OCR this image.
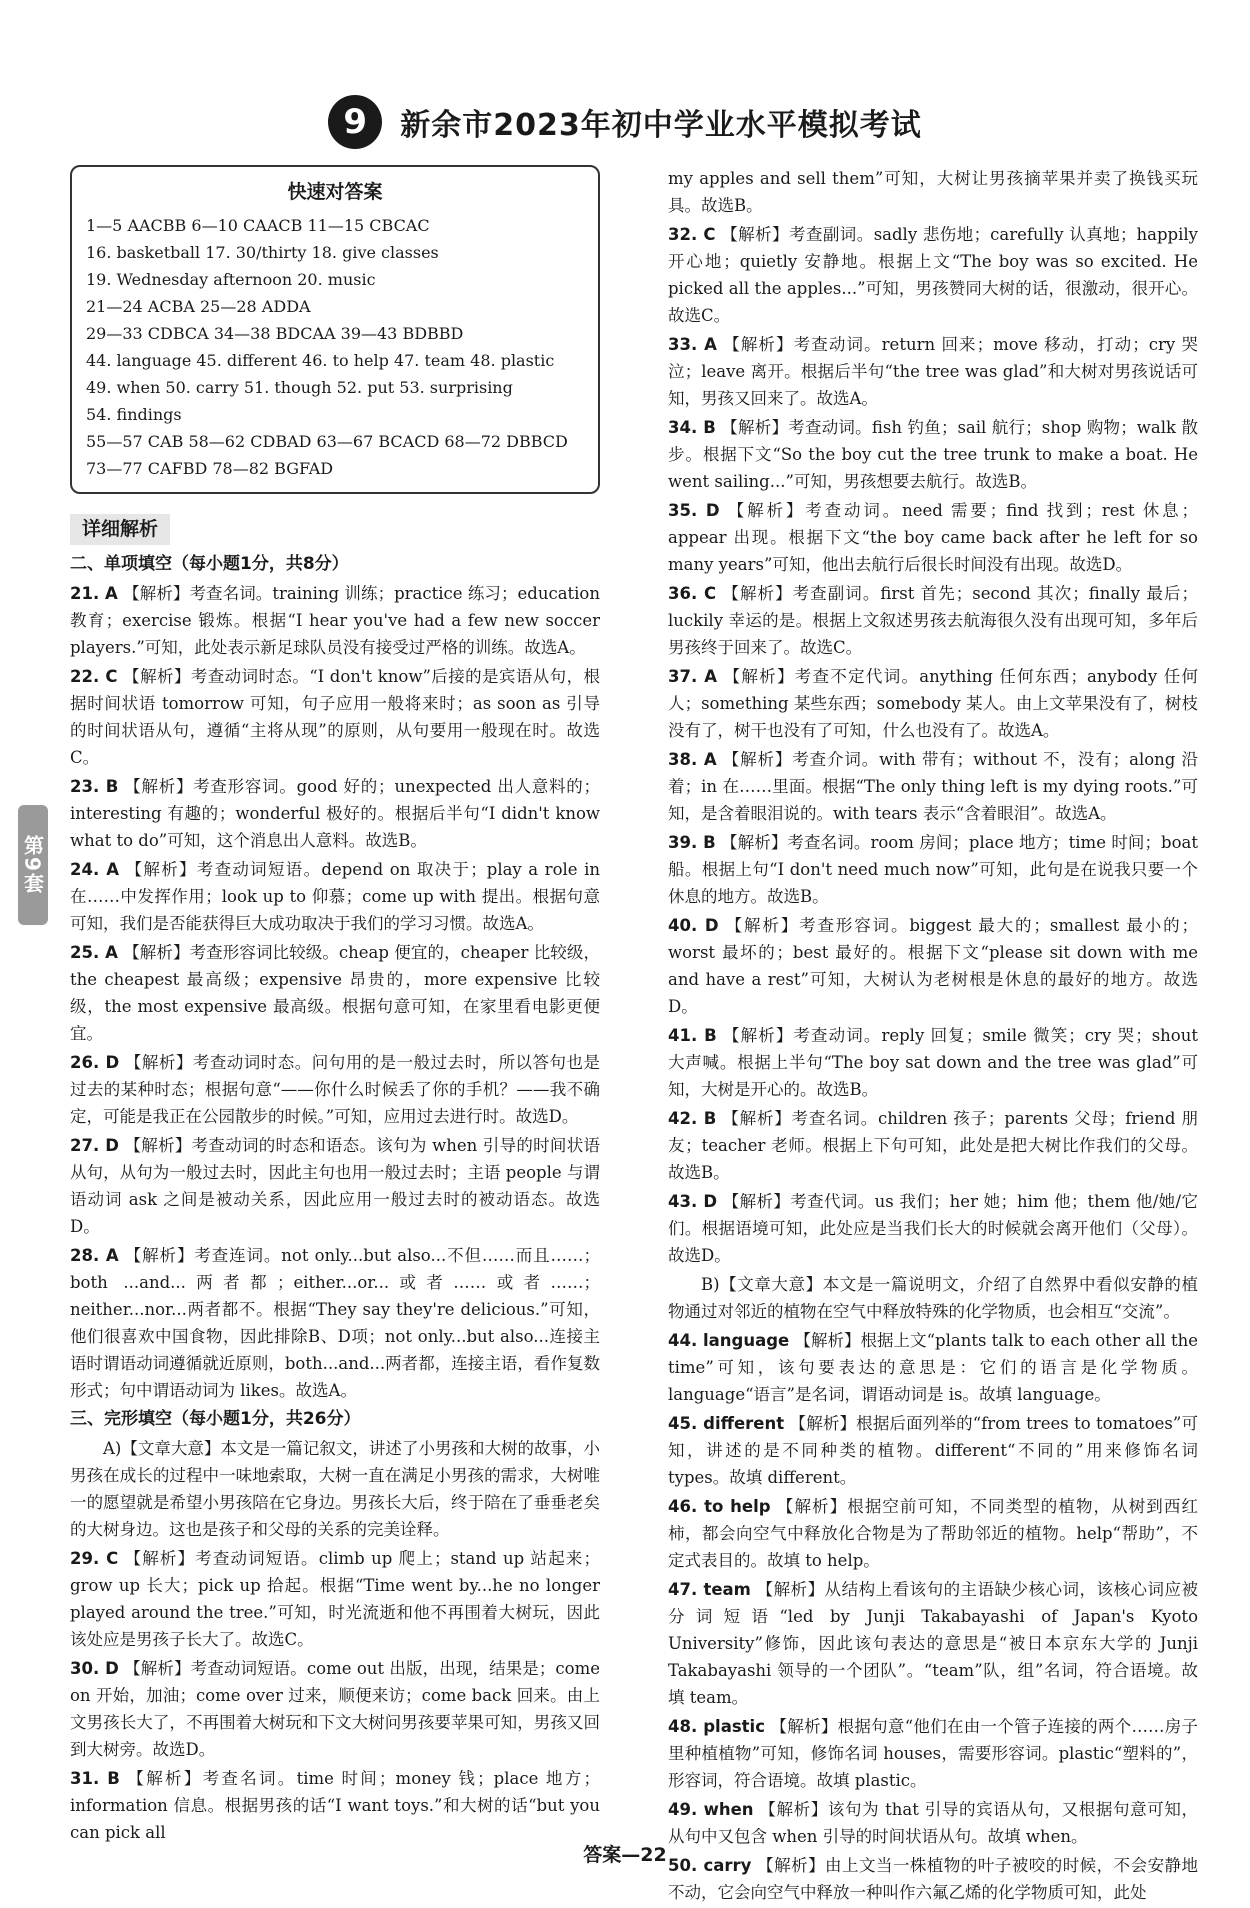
9	新余市2023年初中学业水平模拟考试
第9套
快速对答案
1—5 AACBB 6—10 CAACB 11—15 CBCAC
16. basketball 17. 30/thirty 18. give classes
19. Wednesday afternoon 20. music
21—24 ACBA 25—28 ADDA
29—33 CDBCA 34—38 BDCAA 39—43 BDBBD
44. language 45. different 46. to help 47. team 48. plastic
49. when 50. carry 51. though 52. put 53. surprising
54. findings
55—57 CAB 58—62 CDBAD 63—67 BCACD 68—72 DBBCD
73—77 CAFBD 78—82 BGFAD
详细解析
二、单项填空（每小题1分，共8分）

21. A 【解析】考查名词。training 训练；practice 练习；education 教育；exercise 锻炼。根据“I hear you've had a few new soccer players.”可知，此处表示新足球队员没有接受过严格的训练。故选A。

22. C 【解析】考查动词时态。“I don't know”后接的是宾语从句，根据时间状语 tomorrow 可知，句子应用一般将来时；as soon as 引导的时间状语从句，遵循“主将从现”的原则，从句要用一般现在时。故选C。

23. B 【解析】考查形容词。good 好的；unexpected 出人意料的；interesting 有趣的；wonderful 极好的。根据后半句“I didn't know what to do”可知，这个消息出人意料。故选B。

24. A 【解析】考查动词短语。depend on 取决于；play a role in 在……中发挥作用；look up to 仰慕；come up with 提出。根据句意可知，我们是否能获得巨大成功取决于我们的学习习惯。故选A。

25. A 【解析】考查形容词比较级。cheap 便宜的，cheaper 比较级，the cheapest 最高级；expensive 昂贵的，more expensive 比较级，the most expensive 最高级。根据句意可知，在家里看电影更便宜。

26. D 【解析】考查动词时态。问句用的是一般过去时，所以答句也是过去的某种时态；根据句意“——你什么时候丢了你的手机？——我不确定，可能是我正在公园散步的时候。”可知，应用过去进行时。故选D。

27. D 【解析】考查动词的时态和语态。该句为 when 引导的时间状语从句，从句为一般过去时，因此主句也用一般过去时；主语 people 与谓语动词 ask 之间是被动关系，因此应用一般过去时的被动语态。故选D。

28. A 【解析】考查连词。not only...but also...不但……而且……；both ...and...两者都；either...or...或者……或者……；neither...nor...两者都不。根据“They say they're delicious.”可知，他们很喜欢中国食物，因此排除B、D项；not only...but also...连接主语时谓语动词遵循就近原则，both...and...两者都，连接主语，看作复数形式；句中谓语动词为 likes。故选A。

三、完形填空（每小题1分，共26分）

A)【文章大意】本文是一篇记叙文，讲述了小男孩和大树的故事，小男孩在成长的过程中一味地索取，大树一直在满足小男孩的需求，大树唯一的愿望就是希望小男孩陪在它身边。男孩长大后，终于陪在了垂垂老矣的大树身边。这也是孩子和父母的关系的完美诠释。

29. C 【解析】考查动词短语。climb up 爬上；stand up 站起来；grow up 长大；pick up 拾起。根据“Time went by...he no longer played around the tree.”可知，时光流逝和他不再围着大树玩，因此该处应是男孩子长大了。故选C。

30. D 【解析】考查动词短语。come out 出版，出现，结果是；come on 开始，加油；come over 过来，顺便来访；come back 回来。由上文男孩长大了，不再围着大树玩和下文大树问男孩要苹果可知，男孩又回到大树旁。故选D。

31. B 【解析】考查名词。time 时间；money 钱；place 地方；information 信息。根据男孩的话“I want toys.”和大树的话“but you can pick all

my apples and sell them”可知，大树让男孩摘苹果并卖了换钱买玩具。故选B。

32. C 【解析】考查副词。sadly 悲伤地；carefully 认真地；happily 开心地；quietly 安静地。根据上文“The boy was so excited. He picked all the apples...”可知，男孩赞同大树的话，很激动，很开心。故选C。

33. A 【解析】考查动词。return 回来；move 移动，打动；cry 哭泣；leave 离开。根据后半句“the tree was glad”和大树对男孩说话可知，男孩又回来了。故选A。

34. B 【解析】考查动词。fish 钓鱼；sail 航行；shop 购物；walk 散步。根据下文“So the boy cut the tree trunk to make a boat. He went sailing...”可知，男孩想要去航行。故选B。

35. D 【解析】考查动词。need 需要；find 找到；rest 休息；appear 出现。根据下文“the boy came back after he left for so many years”可知，他出去航行后很长时间没有出现。故选D。

36. C 【解析】考查副词。first 首先；second 其次；finally 最后；luckily 幸运的是。根据上文叙述男孩去航海很久没有出现可知，多年后男孩终于回来了。故选C。

37. A 【解析】考查不定代词。anything 任何东西；anybody 任何人；something 某些东西；somebody 某人。由上文苹果没有了，树枝没有了，树干也没有了可知，什么也没有了。故选A。

38. A 【解析】考查介词。with 带有；without 不，没有；along 沿着；in 在……里面。根据“The only thing left is my dying roots.”可知，是含着眼泪说的。with tears 表示“含着眼泪”。故选A。

39. B 【解析】考查名词。room 房间；place 地方；time 时间；boat 船。根据上句“I don't need much now”可知，此句是在说我只要一个休息的地方。故选B。

40. D 【解析】考查形容词。biggest 最大的；smallest 最小的；worst 最坏的；best 最好的。根据下文“please sit down with me and have a rest”可知，大树认为老树根是休息的最好的地方。故选D。

41. B 【解析】考查动词。reply 回复；smile 微笑；cry 哭；shout 大声喊。根据上半句“The boy sat down and the tree was glad”可知，大树是开心的。故选B。

42. B 【解析】考查名词。children 孩子；parents 父母；friend 朋友；teacher 老师。根据上下句可知，此处是把大树比作我们的父母。故选B。

43. D 【解析】考查代词。us 我们；her 她；him 他；them 他/她/它们。根据语境可知，此处应是当我们长大的时候就会离开他们（父母）。故选D。

B)【文章大意】本文是一篇说明文，介绍了自然界中看似安静的植物通过对邻近的植物在空气中释放特殊的化学物质，也会相互“交流”。

44. language 【解析】根据上文“plants talk to each other all the time”可知，该句要表达的意思是：它们的语言是化学物质。language“语言”是名词，谓语动词是 is。故填 language。

45. different 【解析】根据后面列举的“from trees to tomatoes”可知，讲述的是不同种类的植物。different“不同的”用来修饰名词 types。故填 different。

46. to help 【解析】根据空前可知，不同类型的植物，从树到西红柿，都会向空气中释放化合物是为了帮助邻近的植物。help“帮助”，不定式表目的。故填 to help。

47. team 【解析】从结构上看该句的主语缺少核心词，该核心词应被分词短语“led by Junji Takabayashi of Japan's Kyoto University”修饰，因此该句表达的意思是“被日本京东大学的 Junji Takabayashi 领导的一个团队”。“team”队，组”名词，符合语境。故填 team。

48. plastic 【解析】根据句意“他们在由一个管子连接的两个……房子里种植植物”可知，修饰名词 houses，需要形容词。plastic“塑料的”，形容词，符合语境。故填 plastic。

49. when 【解析】该句为 that 引导的宾语从句，又根据句意可知，从句中又包含 when 引导的时间状语从句。故填 when。

50. carry 【解析】由上文当一株植物的叶子被咬的时候，不会安静地不动，它会向空气中释放一种叫作六氟乙烯的化学物质可知，此处

答案—22
